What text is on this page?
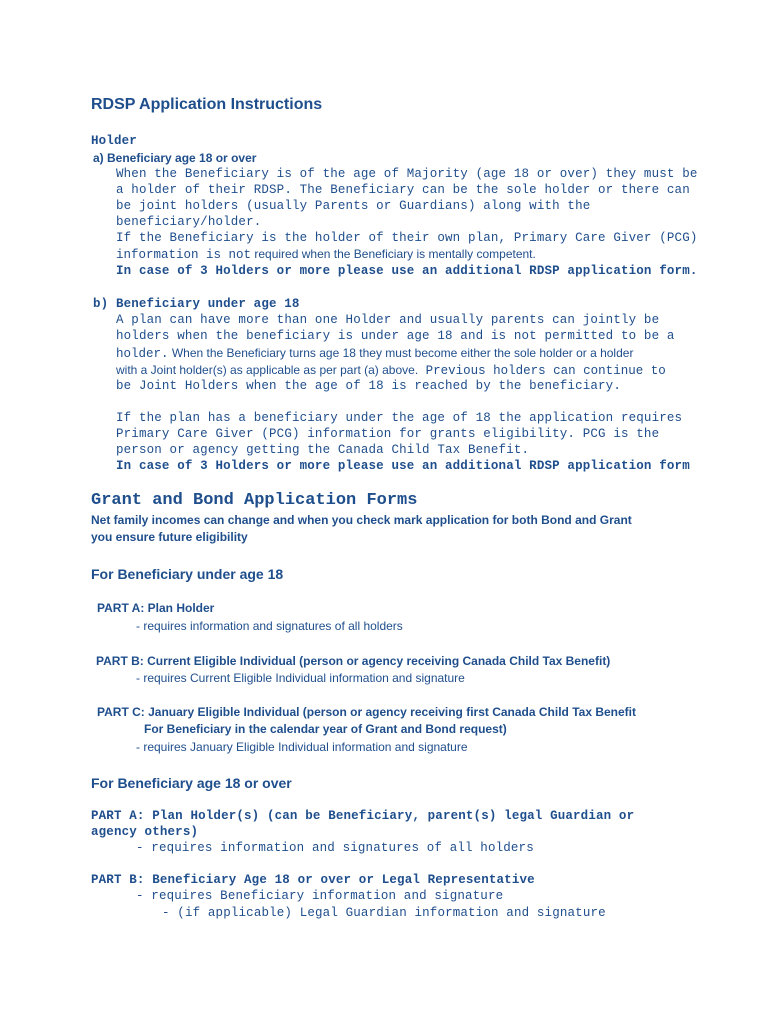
RDSP Application Instructions
Holder
a) Beneficiary age 18 or over
When the Beneficiary is of the age of Majority (age 18 or over) they must be
a holder of their RDSP. The Beneficiary can be the sole holder or there can
be joint holders (usually Parents or Guardians) along with the
beneficiary/holder.
If the Beneficiary is the holder of their own plan, Primary Care Giver (PCG)
information is not required when the Beneficiary is mentally competent.
In case of 3 Holders or more please use an additional RDSP application form.
b) Beneficiary under age 18
A plan can have more than one Holder and usually parents can jointly be
holders when the beneficiary is under age 18 and is not permitted to be a
holder. When the Beneficiary turns age 18 they must become either the sole holder or a holder
with a Joint holder(s) as applicable as per part (a) above. Previous holders can continue to
be Joint Holders when the age of 18 is reached by the beneficiary.
If the plan has a beneficiary under the age of 18 the application requires
Primary Care Giver (PCG) information for grants eligibility. PCG is the
person or agency getting the Canada Child Tax Benefit.
In case of 3 Holders or more please use an additional RDSP application form
Grant and Bond Application Forms
Net family incomes can change and when you check mark application for both Bond and Grant
you ensure future eligibility
For Beneficiary under age 18
PART A: Plan Holder
- requires information and signatures of all holders
PART B: Current Eligible Individual (person or agency receiving Canada Child Tax Benefit)
- requires Current Eligible Individual information and signature
PART C: January Eligible Individual (person or agency receiving first Canada Child Tax Benefit
For Beneficiary in the calendar year of Grant and Bond request)
- requires January Eligible Individual information and signature
For Beneficiary age 18 or over
PART A: Plan Holder(s) (can be Beneficiary, parent(s) legal Guardian or
agency others)
- requires information and signatures of all holders
PART B: Beneficiary Age 18 or over or Legal Representative
- requires Beneficiary information and signature
- (if applicable) Legal Guardian information and signature
